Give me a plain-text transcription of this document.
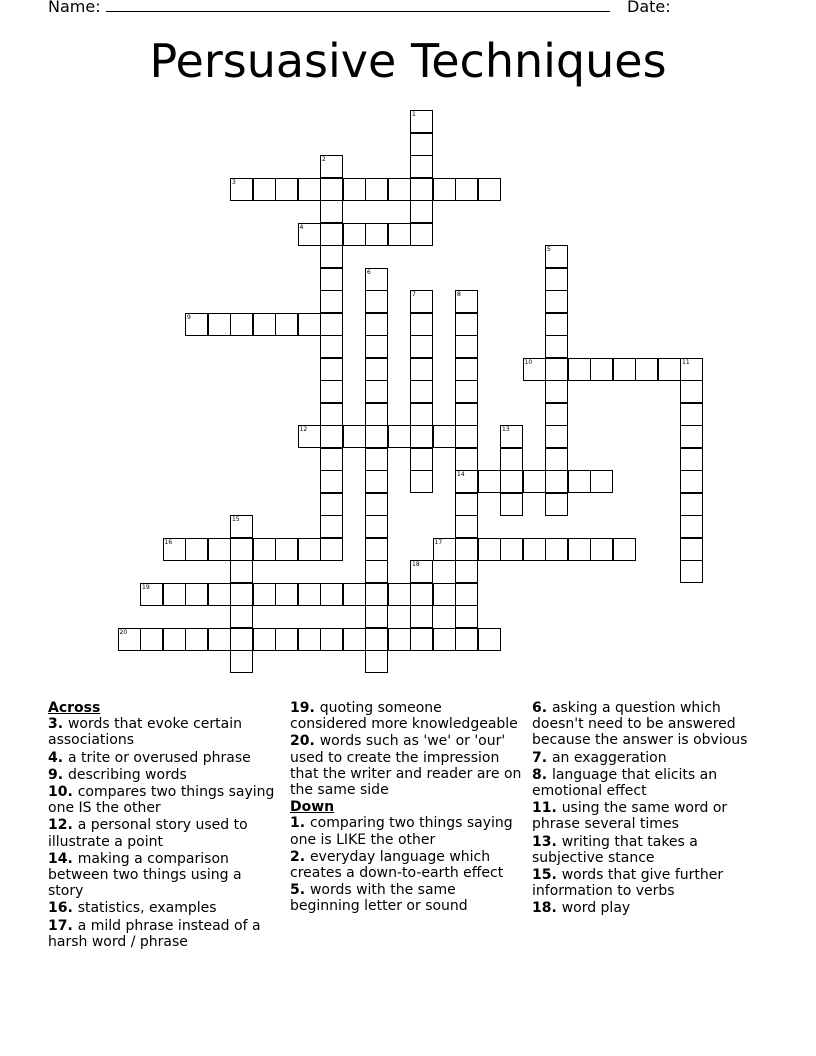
Name:	Date:
Persuasive Techniques
1
2
3
4
5
6
7	8
14
9
10	11
12	13
15
16	17
18
19
20
Across
3. words that evoke certain associations
4. a trite or overused phrase
9. describing words
10. compares two things saying one IS the other
12. a personal story used to illustrate a point
14. making a comparison between two things using a story
16. statistics, examples
17. a mild phrase instead of a harsh word / phrase
19. quoting someone considered more knowledgeable
20. words such as 'we' or 'our' used to create the impression that the writer and reader are on the same side
Down
1. comparing two things saying one is LIKE the other
2. everyday language which creates a down-to-earth effect
5. words with the same beginning letter or sound
6. asking a question which doesn't need to be answered because the answer is obvious
7. an exaggeration
8. language that elicits an emotional effect
11. using the same word or phrase several times
13. writing that takes a subjective stance
15. words that give further information to verbs
18. word play
